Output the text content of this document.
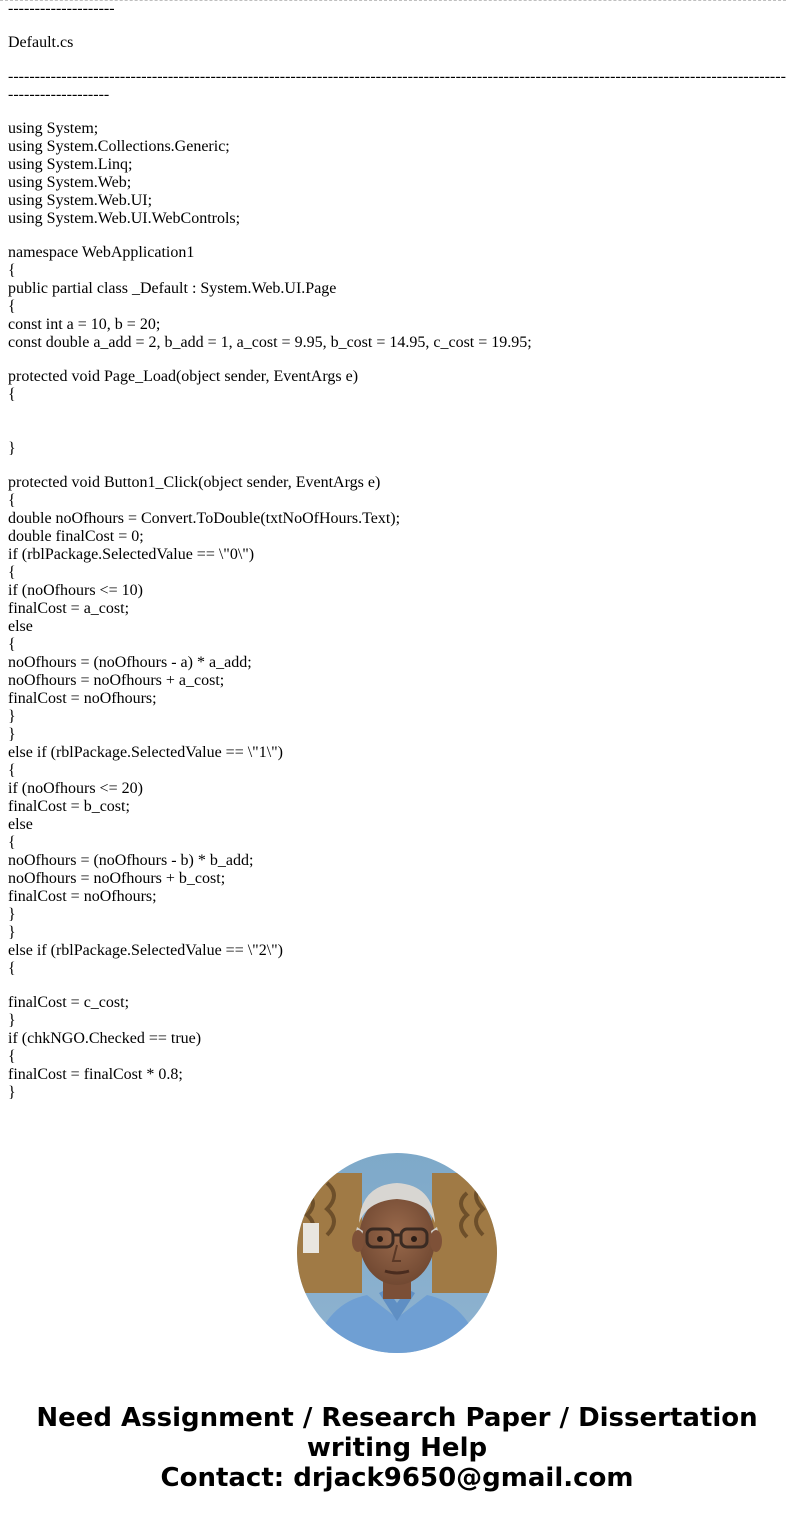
--------------------
Default.cs
---------------------------------------------------------------------------------------------------------------------------------------------------------------------
using System;
using System.Collections.Generic;
using System.Linq;
using System.Web;
using System.Web.UI;
using System.Web.UI.WebControls;
namespace WebApplication1
{
public partial class _Default : System.Web.UI.Page
{
const int a = 10, b = 20;
const double a_add = 2, b_add = 1, a_cost = 9.95, b_cost = 14.95, c_cost = 19.95;
protected void Page_Load(object sender, EventArgs e)
{
}
protected void Button1_Click(object sender, EventArgs e)
{
double noOfhours = Convert.ToDouble(txtNoOfHours.Text);
double finalCost = 0;
if (rblPackage.SelectedValue == \"0\")
{
if (noOfhours <= 10)
finalCost = a_cost;
else
{
noOfhours = (noOfhours - a) * a_add;
noOfhours = noOfhours + a_cost;
finalCost = noOfhours;
}
}
else if (rblPackage.SelectedValue == \"1\")
{
if (noOfhours <= 20)
finalCost = b_cost;
else
{
noOfhours = (noOfhours - b) * b_add;
noOfhours = noOfhours + b_cost;
finalCost = noOfhours;
}
}
else if (rblPackage.SelectedValue == \"2\")
{
finalCost = c_cost;
}
if (chkNGO.Checked == true)
{
finalCost = finalCost * 0.8;
}
Need Assignment / Research Paper / Dissertation writing Help
Contact: drjack9650@gmail.com
